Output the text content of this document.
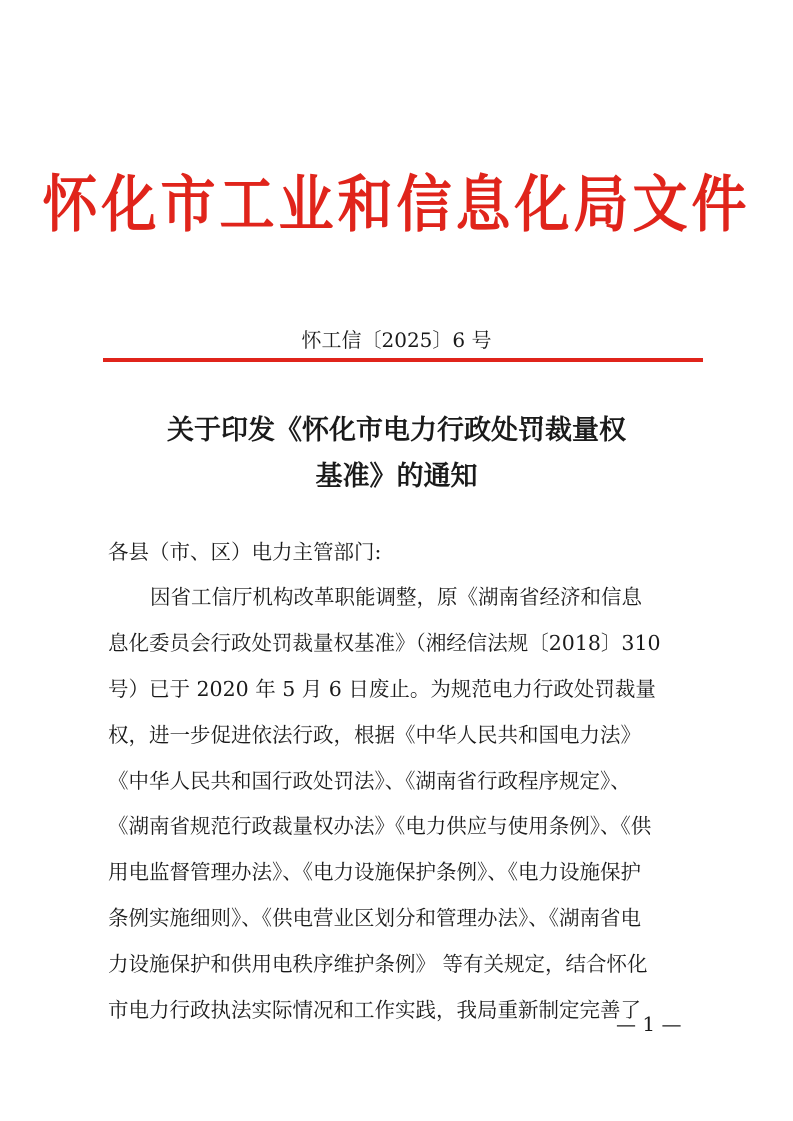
怀化市工业和信息化局文件
怀工信〔2025〕6 号
关于印发《怀化市电力行政处罚裁量权
基准》的通知
各县（市、区）电力主管部门:
因省工信厅机构改革职能调整，原《湖南省经济和信息
息化委员会行政处罚裁量权基准》（湘经信法规〔2018〕310
号）已于 2020 年 5 月 6 日废止。为规范电力行政处罚裁量
权，进一步促进依法行政，根据《中华人民共和国电力法》
《中华人民共和国行政处罚法》、《湖南省行政程序规定》、
《湖南省规范行政裁量权办法》《电力供应与使用条例》、《供
用电监督管理办法》、《电力设施保护条例》、《电力设施保护
条例实施细则》、《供电营业区划分和管理办法》、《湖南省电
力设施保护和供用电秩序维护条例》 等有关规定，结合怀化
市电力行政执法实际情况和工作实践，我局重新制定完善了
— 1 —
